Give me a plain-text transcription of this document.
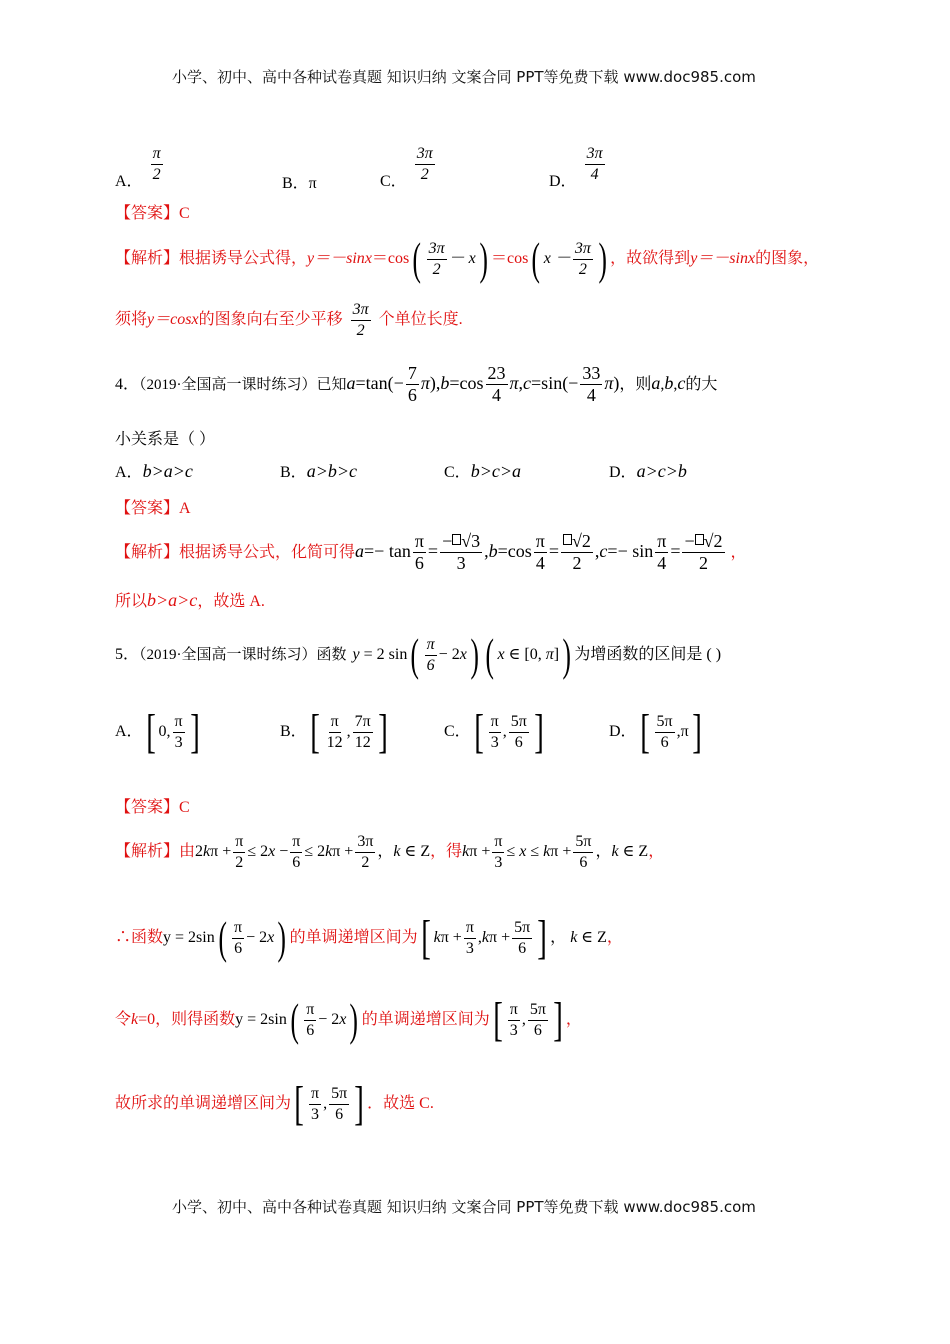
小学、初中、高中各种试卷真题 知识归纳 文案合同 PPT等免费下载 www.doc985.com
A． $\frac{\pi}{2}$	B．π	C． $\frac{3\pi}{2}$	D． $\frac{3\pi}{4}$
【答案】C
【解析】根据诱导公式得，$y=-\sin x=\cos( \frac{3\pi}{2} - x) =\cos$( $x - \frac{3\pi}{2}$ ) ，故欲得到y＝－sinx的图象，
须将y＝cosx的图象向右至少平移 $\frac{3\pi}{2}$ 个单位长度.
4．（2019·全国高一课时练习）已知$a=\tan(- \frac{7}{6} \pi),b=\cos \frac{23}{4} \pi,c=\sin(- \frac{33}{4} \pi)$，则a,b,c的大
小关系是（ ）
A．b>a>c	B．a>b>c	C．b>c>a	D．a>c>b
【答案】A
【解析】根据诱导公式，化简可得$a=- \tan \frac{\pi}{6} = \frac{- √3}{3} ,b=\cos \frac{\pi}{4} = \frac{√2}{2} ,c=- \sin \frac{\pi}{4} = \frac{- √2}{2}$ ，
所以b>a>c，故选 A.
5．（2019·全国高一课时练习）函数 y = 2 $\sin( \frac{\pi}{6} - 2x)$ ( x ∈ [0, π]) 为增函数的区间是 ( )
A．[ 0, $\frac{\pi}{3}$ ]	B．[ $\frac{\pi}{12}$ , $\frac{7\pi}{12}$ ]	C．[ $\frac{\pi}{3}$ , $\frac{5\pi}{6}$ ]	D．[ $\frac{5\pi}{6} ,\pi$]
【答案】C
【解析】由$2k\pi + \frac{\pi}{2} \le 2x - \frac{\pi}{6} \le 2k\pi + \frac{3\pi}{2}$ ，k ∈ Z，得$k\pi + \frac{\pi}{3} \le x \le k\pi + \frac{5\pi}{6}$ ，k ∈ Z，
∴函数$y = 2\sin( \frac{\pi}{6} - 2x)$ 的单调递增区间为[ $k\pi + \frac{\pi}{3} ,k\pi + \frac{5\pi}{6}$ ] ， k ∈ Z，
令k=0，则得函数$y = 2\sin( \frac{\pi}{6} - 2x)$ 的单调递增区间为[ $\frac{\pi}{3}$ , $\frac{5\pi}{6}$ ] ，
故所求的单调递增区间为[ $\frac{\pi}{3}$ , $\frac{5\pi}{6}$ ] ．故选 C.
小学、初中、高中各种试卷真题 知识归纳 文案合同 PPT等免费下载 www.doc985.com
